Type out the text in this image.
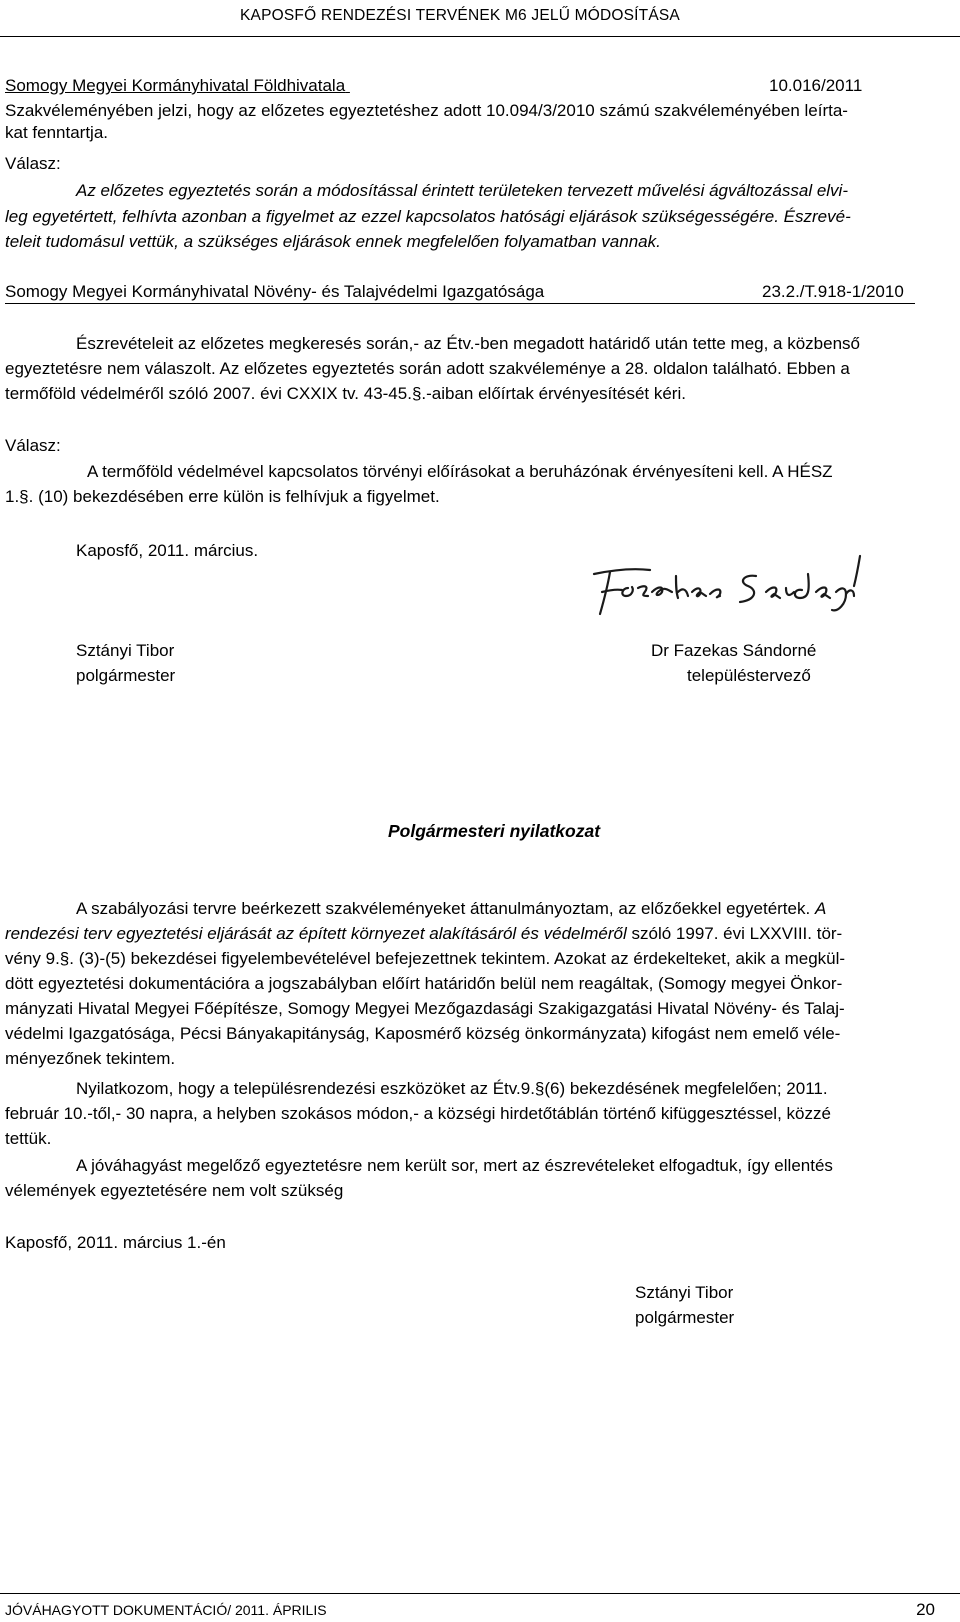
KAPOSFŐ RENDEZÉSI TERVÉNEK M6 JELŰ MÓDOSÍTÁSA
Somogy Megyei Kormányhivatal Földhivatala	10.016/2011
Szakvéleményében jelzi, hogy az előzetes egyeztetéshez adott 10.094/3/2010 számú szakvéleményében leírta-
kat fenntartja.
Válasz:
Az előzetes egyeztetés során a módosítással érintett területeken tervezett művelési ágváltozással elvi-
leg egyetértett, felhívta azonban a figyelmet az ezzel kapcsolatos hatósági eljárások szükségességére. Észrevé-
teleit tudomásul vettük, a szükséges eljárások ennek megfelelően folyamatban vannak.
Somogy Megyei Kormányhivatal Növény- és Talajvédelmi Igazgatósága	23.2./T.918-1/2010
Észrevételeit az előzetes megkeresés során,- az Étv.-ben megadott határidő után tette meg, a közbenső
egyeztetésre nem válaszolt. Az előzetes egyeztetés során adott szakvéleménye a 28. oldalon található. Ebben a
termőföld védelméről szóló 2007. évi CXXIX tv. 43-45.§.-aiban előírtak érvényesítését kéri.
Válasz:
A termőföld védelmével kapcsolatos törvényi előírásokat a beruházónak érvényesíteni kell. A HÉSZ
1.§. (10) bekezdésében erre külön is felhívjuk a figyelmet.
Kaposfő, 2011. március.
Sztányi Tibor
polgármester
Dr Fazekas Sándorné
településtervező
Polgármesteri nyilatkozat
A szabályozási tervre beérkezett szakvéleményeket áttanulmányoztam, az előzőekkel egyetértek. A
rendezési terv egyeztetési eljárását az épített környezet alakításáról és védelméről szóló 1997. évi LXXVIII. tör-
vény 9.§. (3)-(5) bekezdései figyelembevételével befejezettnek tekintem. Azokat az érdekelteket, akik a megkül-
dött egyeztetési dokumentációra a jogszabályban előírt határidőn belül nem reagáltak, (Somogy megyei Önkor-
mányzati Hivatal Megyei Főépítésze, Somogy Megyei Mezőgazdasági Szakigazgatási Hivatal Növény- és Talaj-
védelmi Igazgatósága, Pécsi Bányakapitányság, Kaposmérő község önkormányzata) kifogást nem emelő véle-
ményezőnek tekintem.
Nyilatkozom, hogy a településrendezési eszközöket az Étv.9.§(6) bekezdésének megfelelően; 2011.
február 10.-től,- 30 napra, a helyben szokásos módon,- a községi hirdetőtáblán történő kifüggesztéssel, közzé
tettük.
A jóváhagyást megelőző egyeztetésre nem került sor, mert az észrevételeket elfogadtuk, így ellentés
vélemények egyeztetésére nem volt szükség
Kaposfő, 2011. március 1.-én
Sztányi Tibor
polgármester
JÓVÁHAGYOTT DOKUMENTÁCIÓ/ 2011. ÁPRILIS	20
